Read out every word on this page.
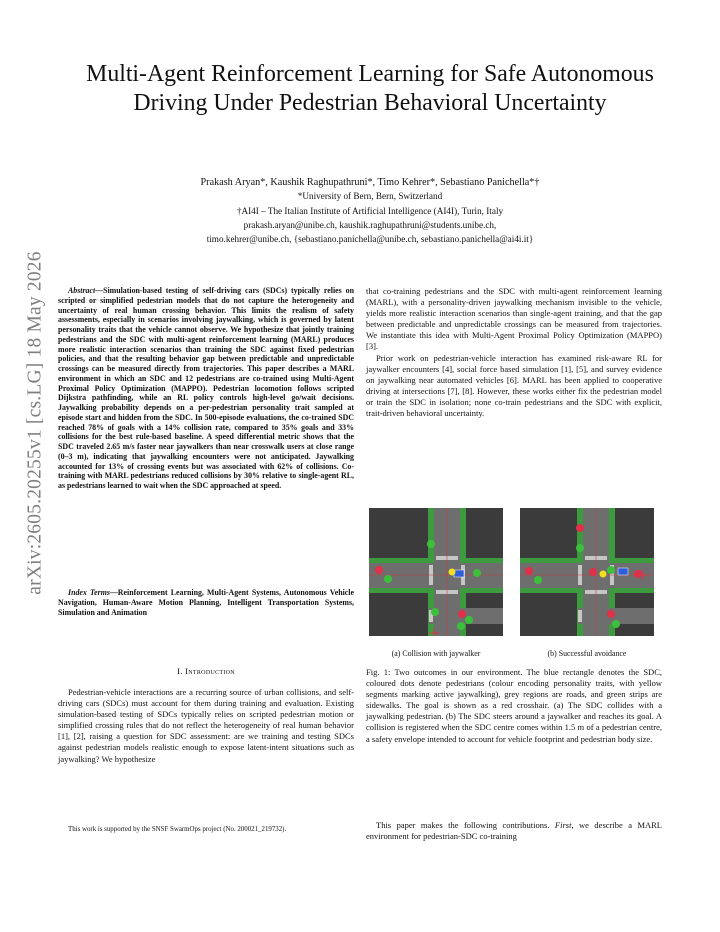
arXiv:2605.20255v1 [cs.LG] 18 May 2026
Multi-Agent Reinforcement Learning for Safe Autonomous Driving Under Pedestrian Behavioral Uncertainty
Prakash Aryan*, Kaushik Raghupathruni*, Timo Kehrer*, Sebastiano Panichella*†
*University of Bern, Bern, Switzerland
†AI4I – The Italian Institute of Artificial Intelligence (AI4I), Turin, Italy
prakash.aryan@unibe.ch, kaushik.raghupathruni@students.unibe.ch,
timo.kehrer@unibe.ch, {sebastiano.panichella@unibe.ch, sebastiano.panichella@ai4i.it}

Abstract—Simulation-based testing of self-driving cars (SDCs) typically relies on scripted or simplified pedestrian models that do not capture the heterogeneity and uncertainty of real human crossing behavior. This limits the realism of safety assessments, especially in scenarios involving jaywalking, which is governed by latent personality traits that the vehicle cannot observe. We hypothesize that jointly training pedestrians and the SDC with multi-agent reinforcement learning (MARL) produces more realistic interaction scenarios than training the SDC against fixed pedestrian policies, and that the resulting behavior gap between predictable and unpredictable crossings can be measured directly from trajectories. This paper describes a MARL environment in which an SDC and 12 pedestrians are co-trained using Multi-Agent Proximal Policy Optimization (MAPPO). Pedestrian locomotion follows scripted Dijkstra pathfinding, while an RL policy controls high-level go/wait decisions. Jaywalking probability depends on a per-pedestrian personality trait sampled at episode start and hidden from the SDC. In 500-episode evaluations, the co-trained SDC reached 78% of goals with a 14% collision rate, compared to 35% goals and 33% collisions for the best rule-based baseline. A speed differential metric shows that the SDC traveled 2.65 m/s faster near jaywalkers than near crosswalk users at close range (0–3 m), indicating that jaywalking encounters were not anticipated. Jaywalking accounted for 13% of crossing events but was associated with 62% of collisions. Co-training with MARL pedestrians reduced collisions by 30% relative to single-agent RL, as pedestrians learned to wait when the SDC approached at speed.

Index Terms—Reinforcement Learning, Multi-Agent Systems, Autonomous Vehicle Navigation, Human-Aware Motion Planning, Intelligent Transportation Systems, Simulation and Animation

I. Introduction

Pedestrian-vehicle interactions are a recurring source of urban collisions, and self-driving cars (SDCs) must account for them during training and evaluation. Existing simulation-based testing of SDCs typically relies on scripted pedestrian motion or simplified crossing rules that do not reflect the heterogeneity of real human behavior [1], [2], raising a question for SDC assessment: are we training and testing SDCs against pedestrian models realistic enough to expose latent-intent situations such as jaywalking? We hypothesize

This work is supported by the SNSF SwarmOps project (No. 200021_219732).

that co-training pedestrians and the SDC with multi-agent reinforcement learning (MARL), with a personality-driven jaywalking mechanism invisible to the vehicle, yields more realistic interaction scenarios than single-agent training, and that the gap between predictable and unpredictable crossings can be measured from trajectories. We instantiate this idea with Multi-Agent Proximal Policy Optimization (MAPPO) [3].

Prior work on pedestrian-vehicle interaction has examined risk-aware RL for jaywalker encounters [4], social force based simulation [1], [5], and survey evidence on jaywalking near automated vehicles [6]. MARL has been applied to cooperative driving at intersections [7], [8]. However, these works either fix the pedestrian model or train the SDC in isolation; none co-train pedestrians and the SDC with explicit, trait-driven behavioral uncertainty.

(a) Collision with jaywalker	(b) Successful avoidance

Fig. 1: Two outcomes in our environment. The blue rectangle denotes the SDC, coloured dots denote pedestrians (colour encoding personality traits, with yellow segments marking active jaywalking), grey regions are roads, and green strips are sidewalks. The goal is shown as a red crosshair. (a) The SDC collides with a jaywalking pedestrian. (b) The SDC steers around a jaywalker and reaches its goal. A collision is registered when the SDC centre comes within 1.5 m of a pedestrian centre, a safety envelope intended to account for vehicle footprint and pedestrian body size.

This paper makes the following contributions. First, we describe a MARL environment for pedestrian-SDC co-training
